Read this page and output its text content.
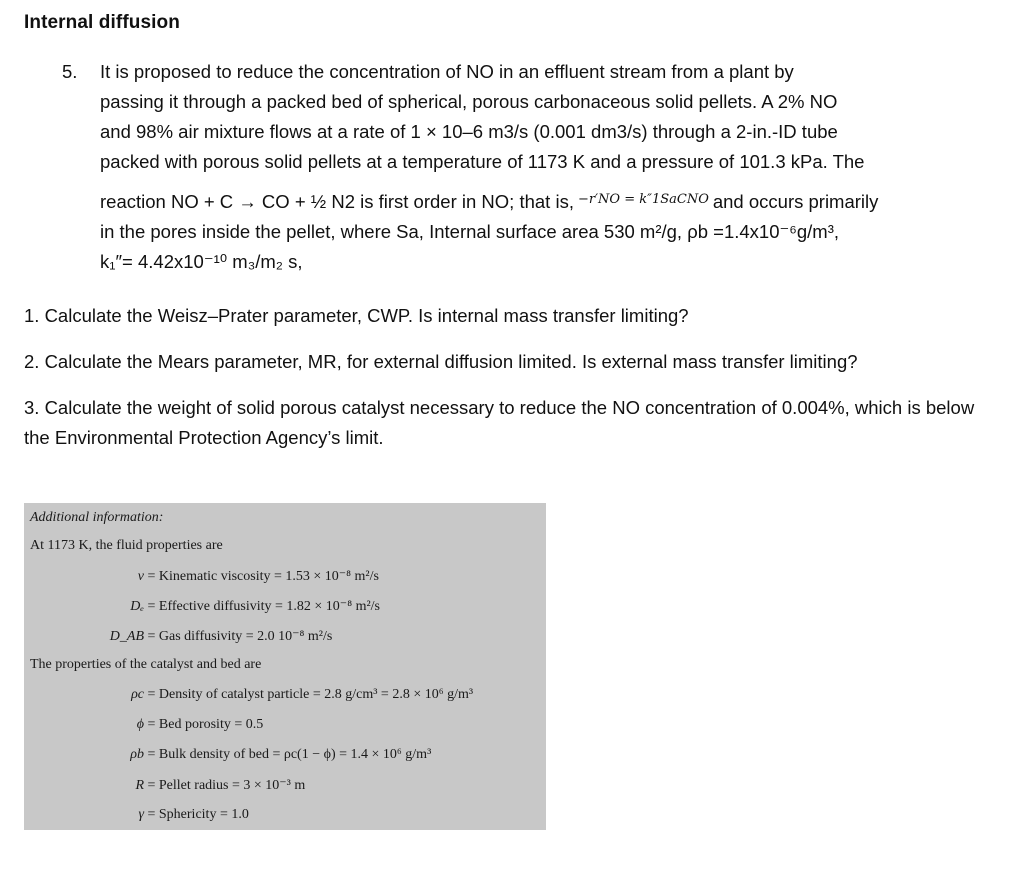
Internal diffusion
5. It is proposed to reduce the concentration of NO in an effluent stream from a plant by
passing it through a packed bed of spherical, porous carbonaceous solid pellets. A 2% NO
and 98% air mixture flows at a rate of 1 × 10–6 m3/s (0.001 dm3/s) through a 2-in.-ID tube
packed with porous solid pellets at a temperature of 1173 K and a pressure of 101.3 kPa. The
reaction NO + C → CO + ½ N2 is first order in NO; that is, $^{-r'NO = k''1SaCNO}$ and occurs primarily
in the pores inside the pellet, where Sa, Internal surface area 530 m²/g, ρb =1.4x10⁻⁶g/m³,
k₁″= 4.42x10⁻¹⁰ m₃/m₂ s,

1. Calculate the Weisz–Prater parameter, CWP. Is internal mass transfer limiting?

2. Calculate the Mears parameter, MR, for external diffusion limited. Is external mass transfer limiting?

3. Calculate the weight of solid porous catalyst necessary to reduce the NO concentration of 0.004%, which is below the Environmental Protection Agency’s limit.

Additional information:
At 1173 K, the fluid properties are
ν = Kinematic viscosity = 1.53 × 10⁻⁸ m²/s
Dₑ = Effective diffusivity = 1.82 × 10⁻⁸ m²/s
D_AB = Gas diffusivity = 2.0 10⁻⁸ m²/s
The properties of the catalyst and bed are
ρc = Density of catalyst particle = 2.8 g/cm³ = 2.8 × 10⁶ g/m³
ϕ = Bed porosity = 0.5
ρb = Bulk density of bed = ρc(1 − ϕ) = 1.4 × 10⁶ g/m³
R = Pellet radius = 3 × 10⁻³ m
γ = Sphericity = 1.0
